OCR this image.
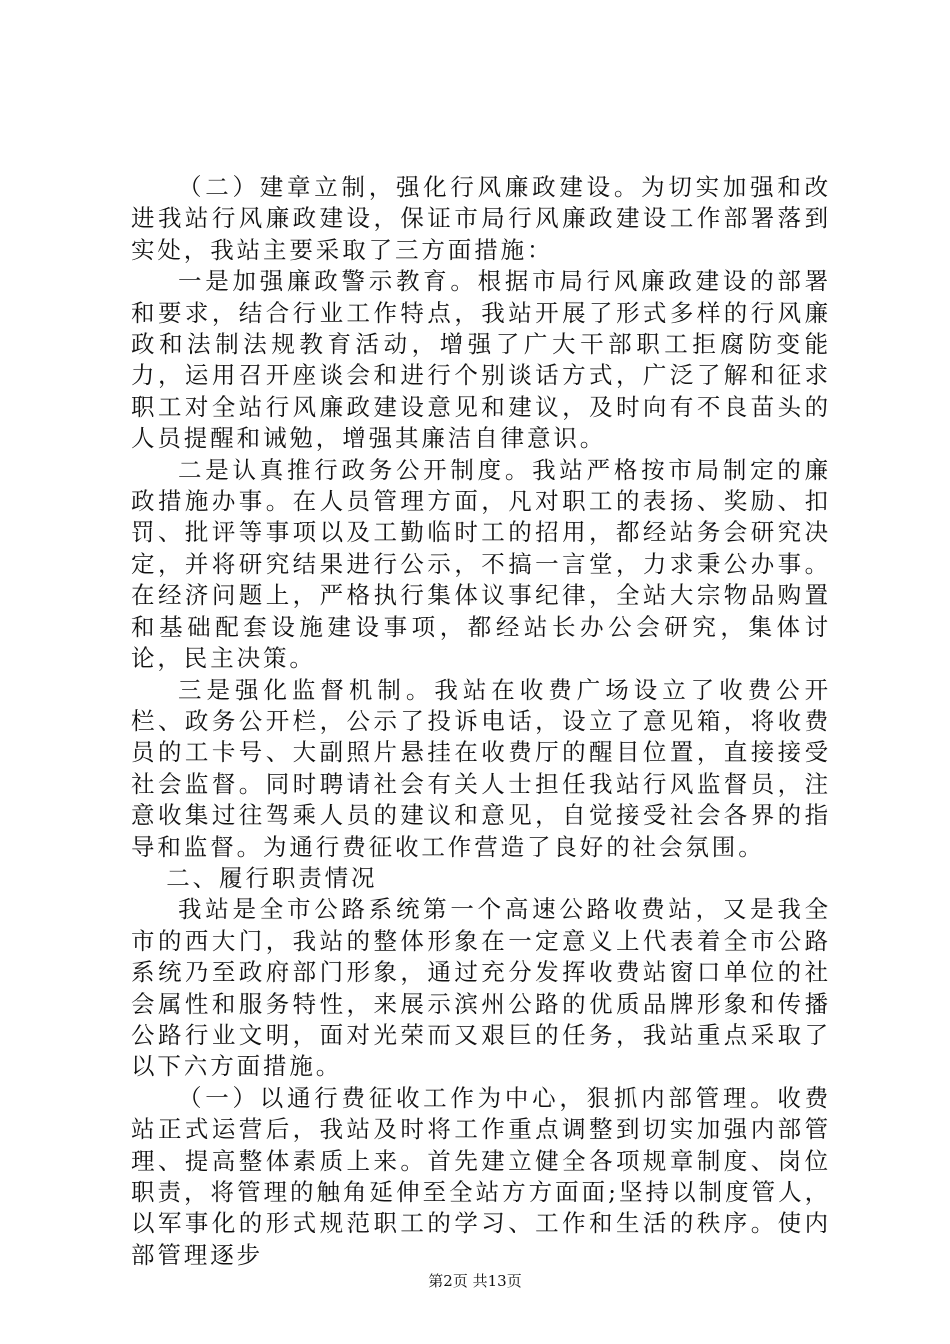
（二）建章立制，强化行风廉政建设。为切实加强和改进我站行风廉政建设，保证市局行风廉政建设工作部署落到实处，我站主要采取了三方面措施：

一是加强廉政警示教育。根据市局行风廉政建设的部署和要求，结合行业工作特点，我站开展了形式多样的行风廉政和法制法规教育活动，增强了广大干部职工拒腐防变能力，运用召开座谈会和进行个别谈话方式，广泛了解和征求职工对全站行风廉政建设意见和建议，及时向有不良苗头的人员提醒和诫勉，增强其廉洁自律意识。

二是认真推行政务公开制度。我站严格按市局制定的廉政措施办事。在人员管理方面，凡对职工的表扬、奖励、扣罚、批评等事项以及工勤临时工的招用，都经站务会研究决定，并将研究结果进行公示，不搞一言堂，力求秉公办事。在经济问题上，严格执行集体议事纪律，全站大宗物品购置和基础配套设施建设事项，都经站长办公会研究，集体讨论，民主决策。

三是强化监督机制。我站在收费广场设立了收费公开栏、政务公开栏，公示了投诉电话，设立了意见箱，将收费员的工卡号、大副照片悬挂在收费厅的醒目位置，直接接受社会监督。同时聘请社会有关人士担任我站行风监督员，注意收集过往驾乘人员的建议和意见，自觉接受社会各界的指导和监督。为通行费征收工作营造了良好的社会氛围。

二、履行职责情况

我站是全市公路系统第一个高速公路收费站，又是我全市的西大门，我站的整体形象在一定意义上代表着全市公路系统乃至政府部门形象，通过充分发挥收费站窗口单位的社会属性和服务特性，来展示滨州公路的优质品牌形象和传播公路行业文明，面对光荣而又艰巨的任务，我站重点采取了以下六方面措施。

（一）以通行费征收工作为中心，狠抓内部管理。收费站正式运营后，我站及时将工作重点调整到切实加强内部管理、提高整体素质上来。首先建立健全各项规章制度、岗位职责，将管理的触角延伸至全站方方面面;坚持以制度管人，以军事化的形式规范职工的学习、工作和生活的秩序。使内部管理逐步

第2页 共13页
